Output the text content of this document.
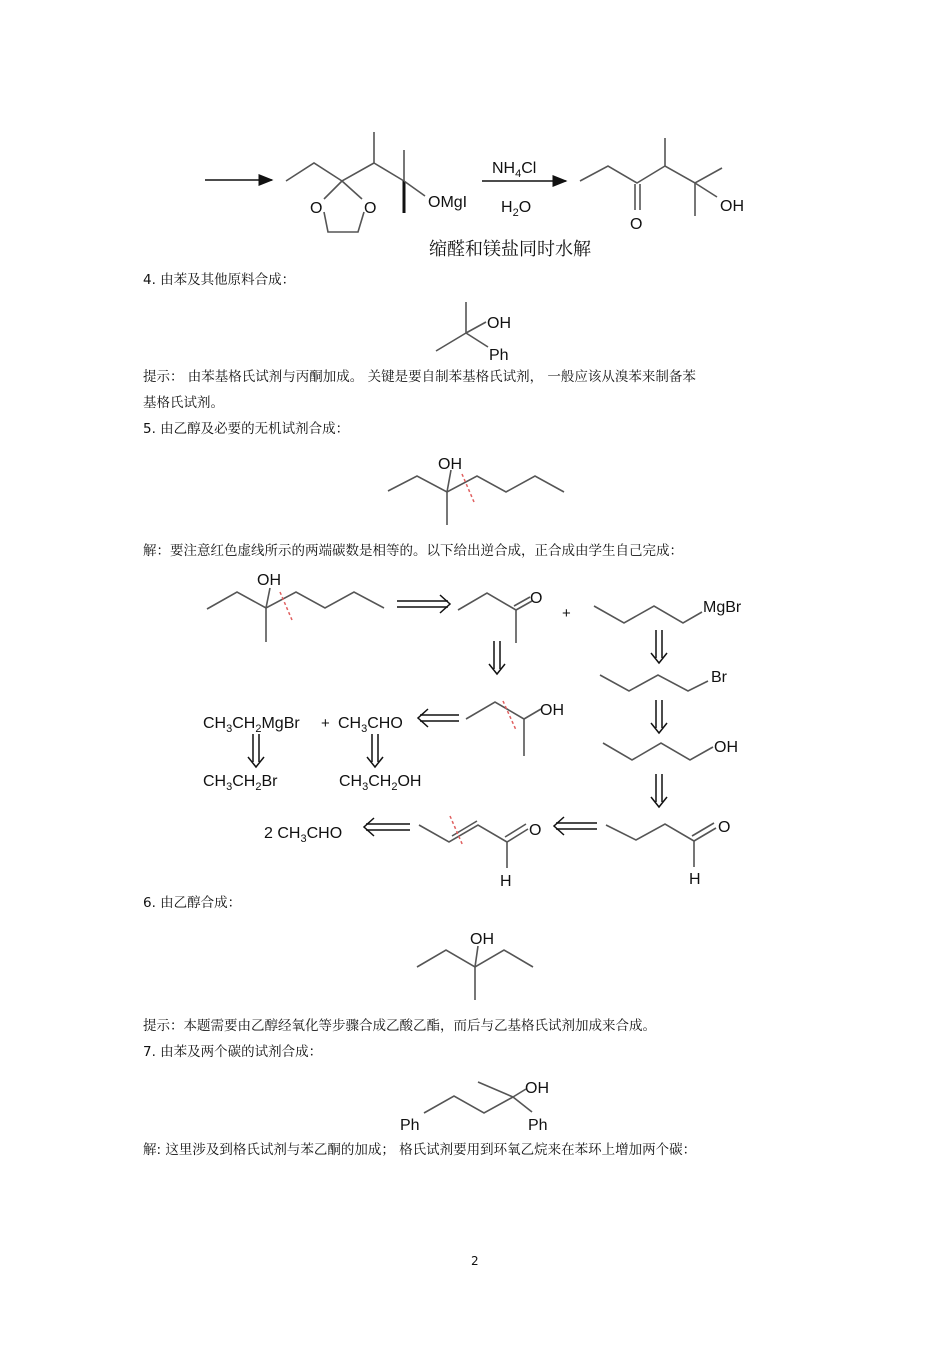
OMgI
O	O
$NH_4Cl$
$H_2O$
O
OH
缩醛和镁盐同时水解
OH
Ph
OH
OH
O
+	MgBr
Br
OH
OH
O
H
O
H
$CH_3CH_2MgBr + CH_3CHO$
$CH_3CH_2Br$	$CH_3CH_2OH$
2 $CH_3CHO$
OH
OH
Ph	Ph
4. 由苯及其他原料合成：
提示： 由苯基格氏试剂与丙酮加成。 关键是要自制苯基格氏试剂， 一般应该从溴苯来制备苯
基格氏试剂。
5. 由乙醇及必要的无机试剂合成：
解：要注意红色虚线所示的两端碳数是相等的。以下给出逆合成，正合成由学生自己完成：
6. 由乙醇合成：
提示：本题需要由乙醇经氧化等步骤合成乙酸乙酯，而后与乙基格氏试剂加成来合成。
7. 由苯及两个碳的试剂合成：
解: 这里涉及到格氏试剂与苯乙酮的加成； 格氏试剂要用到环氧乙烷来在苯环上增加两个碳：
2
